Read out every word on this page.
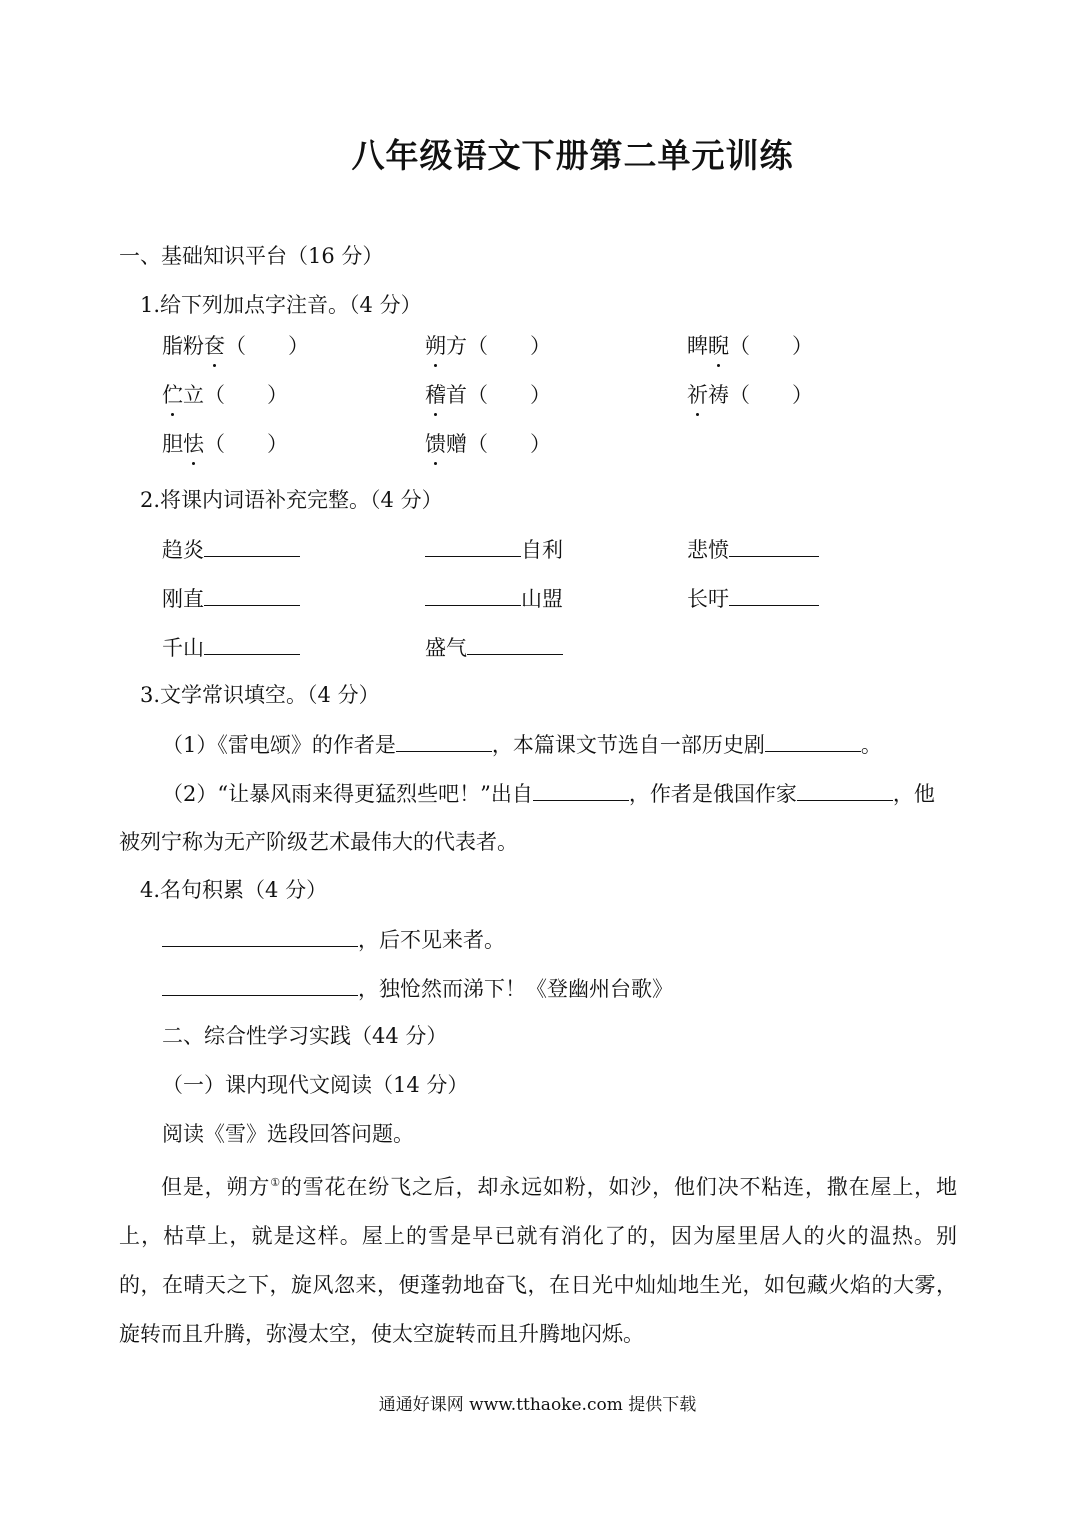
八年级语文下册第二单元训练
一、基础知识平台（16 分）
1.给下列加点字注音。（4 分）
脂粉奁（　　）	朔方（　　）	睥睨（　　）
伫立（　　）	稽首（　　）	祈祷（　　）
胆怯（　　）	馈赠（　　）
2.将课内词语补充完整。（4 分）
趋炎	自利	悲愤
刚直	山盟	长吁
千山	盛气
3.文学常识填空。（4 分）
（1）《雷电颂》的作者是	，本篇课文节选自一部历史剧	。
（2）“让暴风雨来得更猛烈些吧！”出自	，作者是俄国作家	，他
被列宁称为无产阶级艺术最伟大的代表者。
4.名句积累（4 分）
，后不见来者。
，独怆然而涕下！《登幽州台歌》
二、综合性学习实践（44 分）
（一）课内现代文阅读（14 分）
阅读《雪》选段回答问题。
但是，朔方①的雪花在纷飞之后，却永远如粉，如沙，他们决不粘连，撒在屋上，地上，枯草上，就是这样。屋上的雪是早已就有消化了的，因为屋里居人的火的温热。别的，在晴天之下，旋风忽来，便蓬勃地奋飞，在日光中灿灿地生光，如包藏火焰的大雾，旋转而且升腾，弥漫太空，使太空旋转而且升腾地闪烁。
通通好课网 www.tthaoke.com 提供下载
